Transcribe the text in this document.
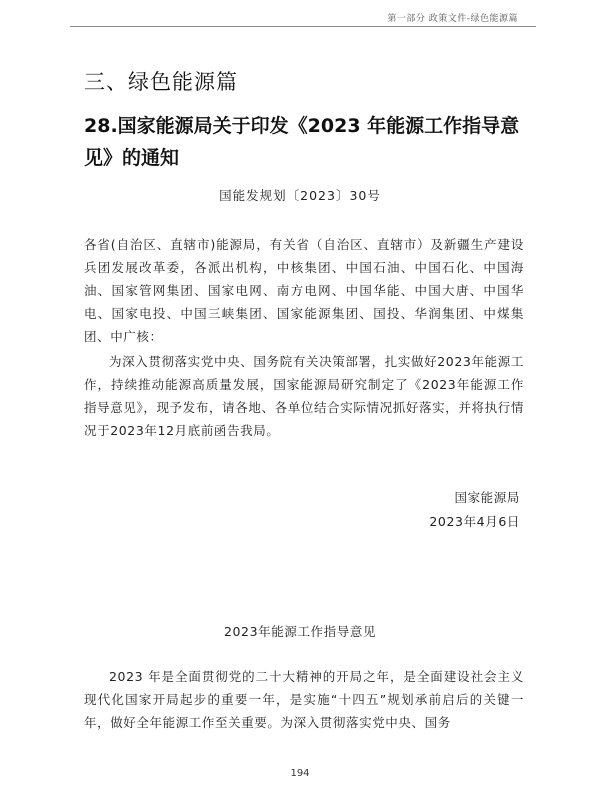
第一部分 政策文件-绿色能源篇
三、绿色能源篇
28.国家能源局关于印发《2023 年能源工作指导意见》的通知
国能发规划〔2023〕30号
各省(自治区、直辖市)能源局，有关省（自治区、直辖市）及新疆生产建设兵团发展改革委，各派出机构，中核集团、中国石油、中国石化、中国海油、国家管网集团、国家电网、南方电网、中国华能、中国大唐、中国华电、国家电投、中国三峡集团、国家能源集团、国投、华润集团、中煤集团、中广核：
为深入贯彻落实党中央、国务院有关决策部署，扎实做好2023年能源工作，持续推动能源高质量发展，国家能源局研究制定了《2023年能源工作指导意见》，现予发布，请各地、各单位结合实际情况抓好落实，并将执行情况于2023年12月底前函告我局。
国家能源局
2023年4月6日
2023年能源工作指导意见
2023 年是全面贯彻党的二十大精神的开局之年，是全面建设社会主义现代化国家开局起步的重要一年，是实施“十四五”规划承前启后的关键一年，做好全年能源工作至关重要。为深入贯彻落实党中央、国务
194
